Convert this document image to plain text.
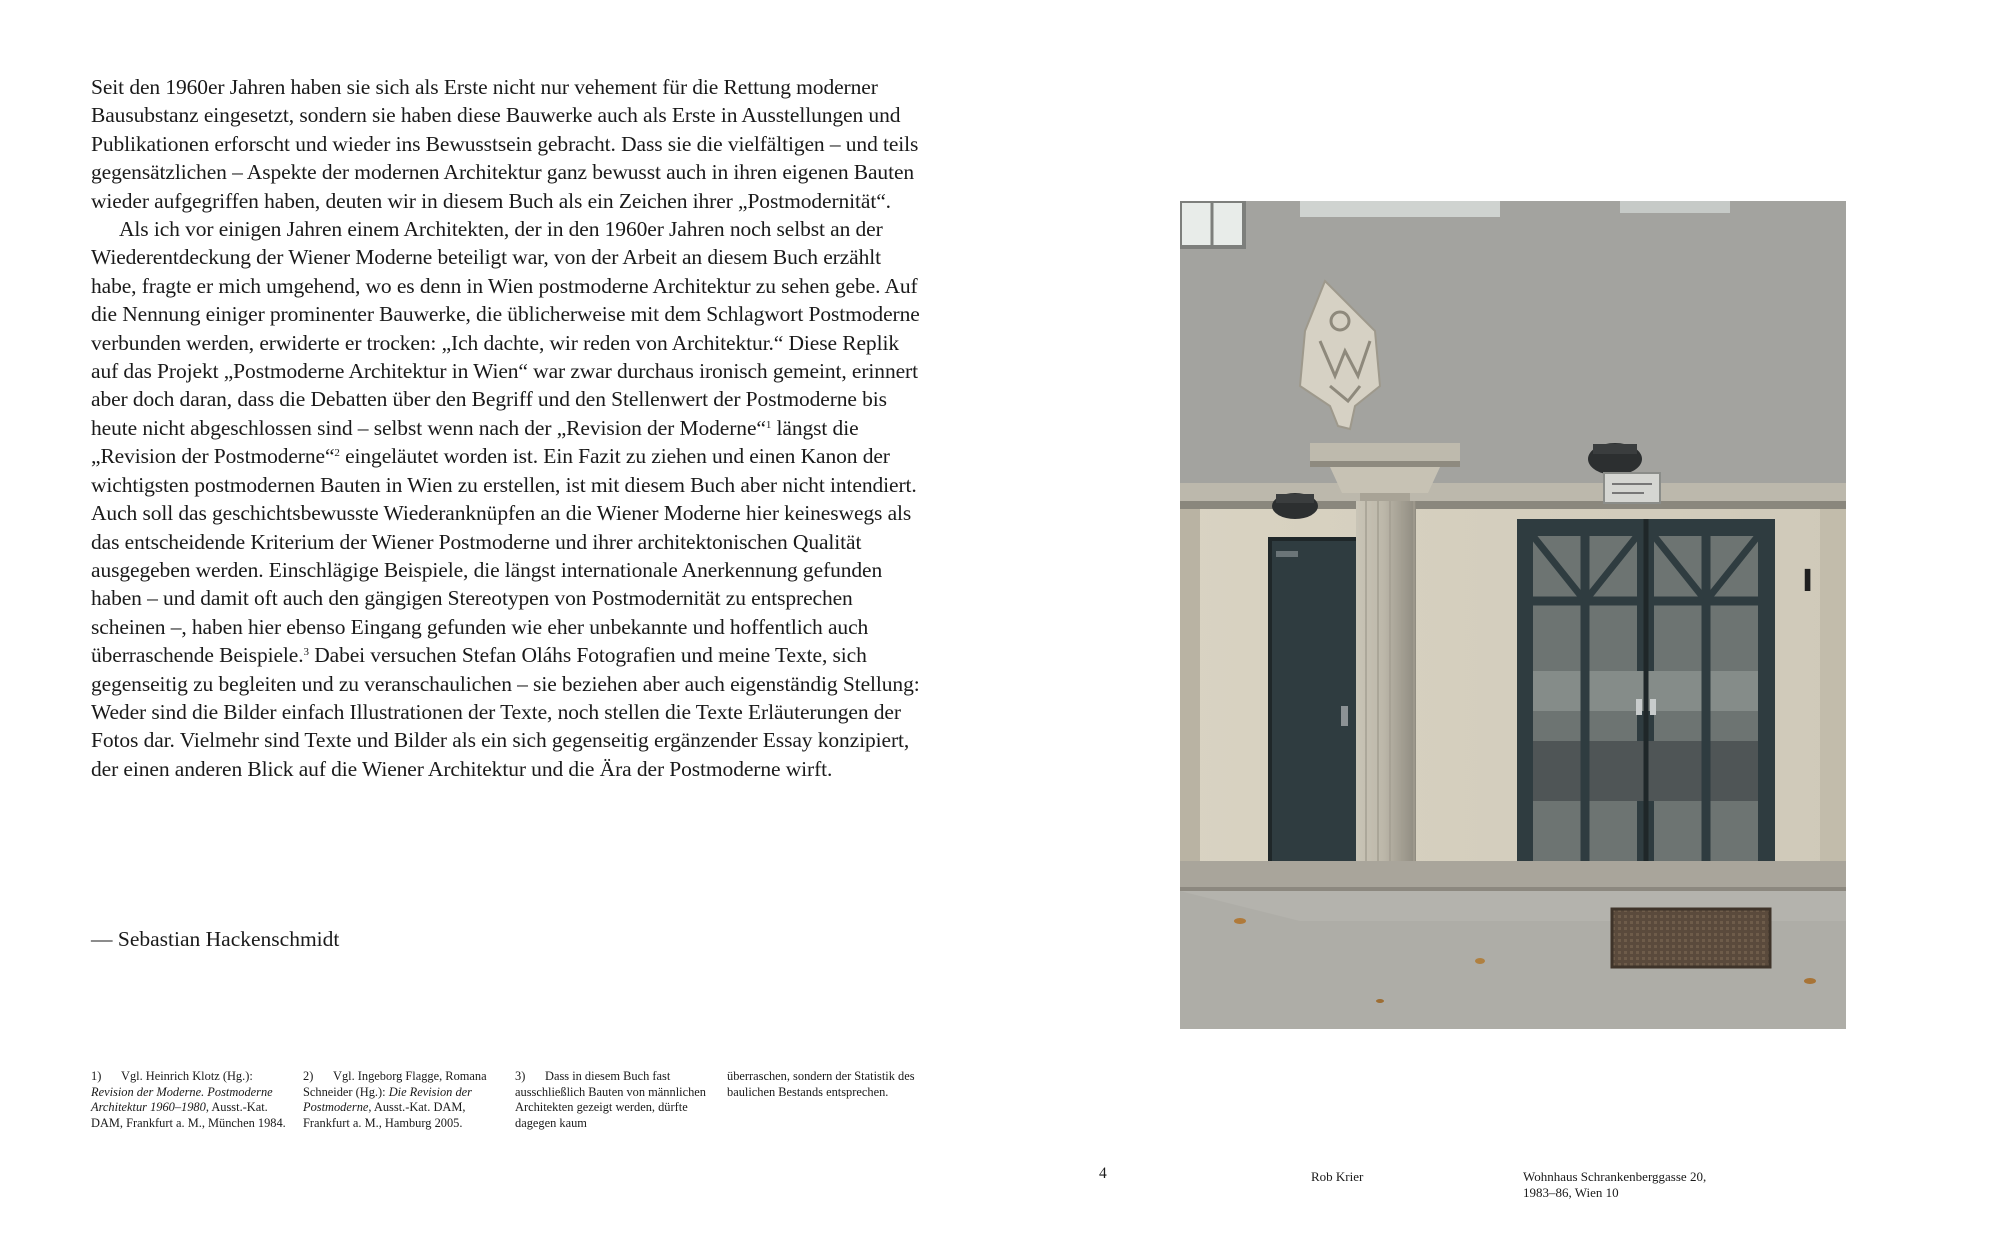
Seit den 1960er Jahren haben sie sich als Erste nicht nur vehement für die Rettung moderner Bausubstanz eingesetzt, sondern sie haben diese Bauwerke auch als Erste in Ausstellungen und Publikationen erforscht und wieder ins Bewusstsein gebracht. Dass sie die vielfältigen – und teils gegensätzlichen – Aspekte der modernen Architektur ganz bewusst auch in ihren eigenen Bauten wieder aufgegriffen haben, deuten wir in diesem Buch als ein Zeichen ihrer „Postmodernität“.

Als ich vor einigen Jahren einem Architekten, der in den 1960er Jahren noch selbst an der Wiederentdeckung der Wiener Moderne beteiligt war, von der Arbeit an diesem Buch erzählt habe, fragte er mich umgehend, wo es denn in Wien postmoderne Architektur zu sehen gebe. Auf die Nennung einiger prominenter Bauwerke, die üblicherweise mit dem Schlagwort Postmoderne verbunden werden, erwiderte er trocken: „Ich dachte, wir reden von Architektur.“ Diese Replik auf das Projekt „Postmoderne Architektur in Wien“ war zwar durchaus ironisch gemeint, erinnert aber doch daran, dass die Debatten über den Begriff und den Stellenwert der Postmoderne bis heute nicht abgeschlossen sind – selbst wenn nach der „Revision der Moderne“$^1$ längst die „Revision der Postmoderne“$^2$ eingeläutet worden ist. Ein Fazit zu ziehen und einen Kanon der wichtigsten postmodernen Bauten in Wien zu erstellen, ist mit diesem Buch aber nicht intendiert. Auch soll das geschichtsbewusste Wiederanknüpfen an die Wiener Moderne hier keineswegs als das entscheidende Kriterium der Wiener Postmoderne und ihrer architektonischen Qualität ausgegeben werden. Einschlägige Beispiele, die längst internationale Anerkennung gefunden haben – und damit oft auch den gängigen Stereotypen von Postmodernität zu entsprechen scheinen –, haben hier ebenso Eingang gefunden wie eher unbekannte und hoffentlich auch überraschende Beispiele.$^3$ Dabei versuchen Stefan Oláhs Fotografien und meine Texte, sich gegenseitig zu begleiten und zu veranschaulichen – sie beziehen aber auch eigenständig Stellung: Weder sind die Bilder einfach Illustrationen der Texte, noch stellen die Texte Erläuterungen der Fotos dar. Vielmehr sind Texte und Bilder als ein sich gegenseitig ergänzender Essay konzipiert, der einen anderen Blick auf die Wiener Architektur und die Ära der Postmoderne wirft.

— Sebastian Hackenschmidt
1) Vgl. Heinrich Klotz (Hg.): Revision der Moderne. Postmoderne Architektur 1960–1980, Ausst.-Kat. DAM, Frankfurt a. M., München 1984.
2) Vgl. Ingeborg Flagge, Romana Schneider (Hg.): Die Revision der Postmoderne, Ausst.-Kat. DAM, Frankfurt a. M., Hamburg 2005.
3) Dass in diesem Buch fast ausschließlich Bauten von männlichen Architekten gezeigt werden, dürfte dagegen kaum
überraschen, sondern der Statistik des baulichen Bestands entsprechen.
I
4	Rob Krier	Wohnhaus Schrankenberggasse 20,
1983–86, Wien 10
